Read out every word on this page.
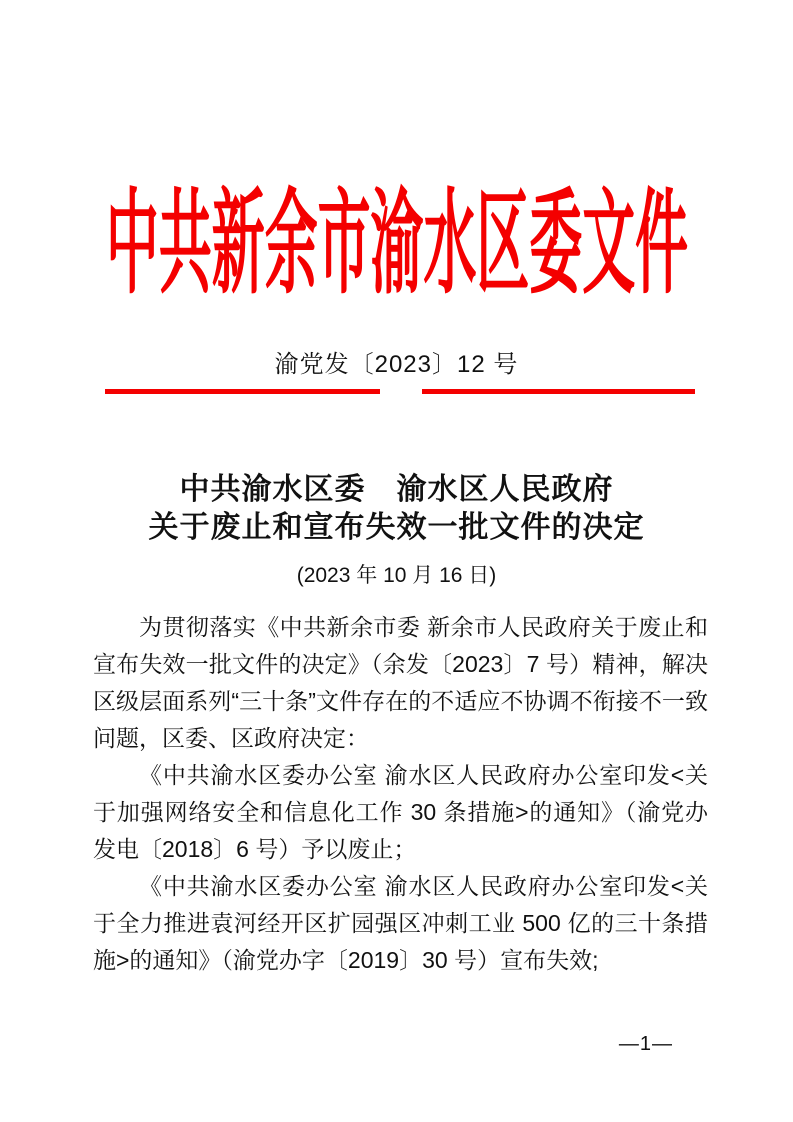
中共新余市渝水区委文件
渝党发〔2023〕12 号
中共渝水区委　渝水区人民政府
关于废止和宣布失效一批文件的决定
(2023 年 10 月 16 日)

为贯彻落实《中共新余市委 新余市人民政府关于废止和宣布失效一批文件的决定》（余发〔2023〕7 号）精神，解决区级层面系列“三十条”文件存在的不适应不协调不衔接不一致问题，区委、区政府决定：

《中共渝水区委办公室 渝水区人民政府办公室印发<关于加强网络安全和信息化工作 30 条措施>的通知》（渝党办发电〔2018〕6 号）予以废止；

《中共渝水区委办公室 渝水区人民政府办公室印发<关于全力推进袁河经开区扩园强区冲刺工业 500 亿的三十条措施>的通知》（渝党办字〔2019〕30 号）宣布失效;

—1—
